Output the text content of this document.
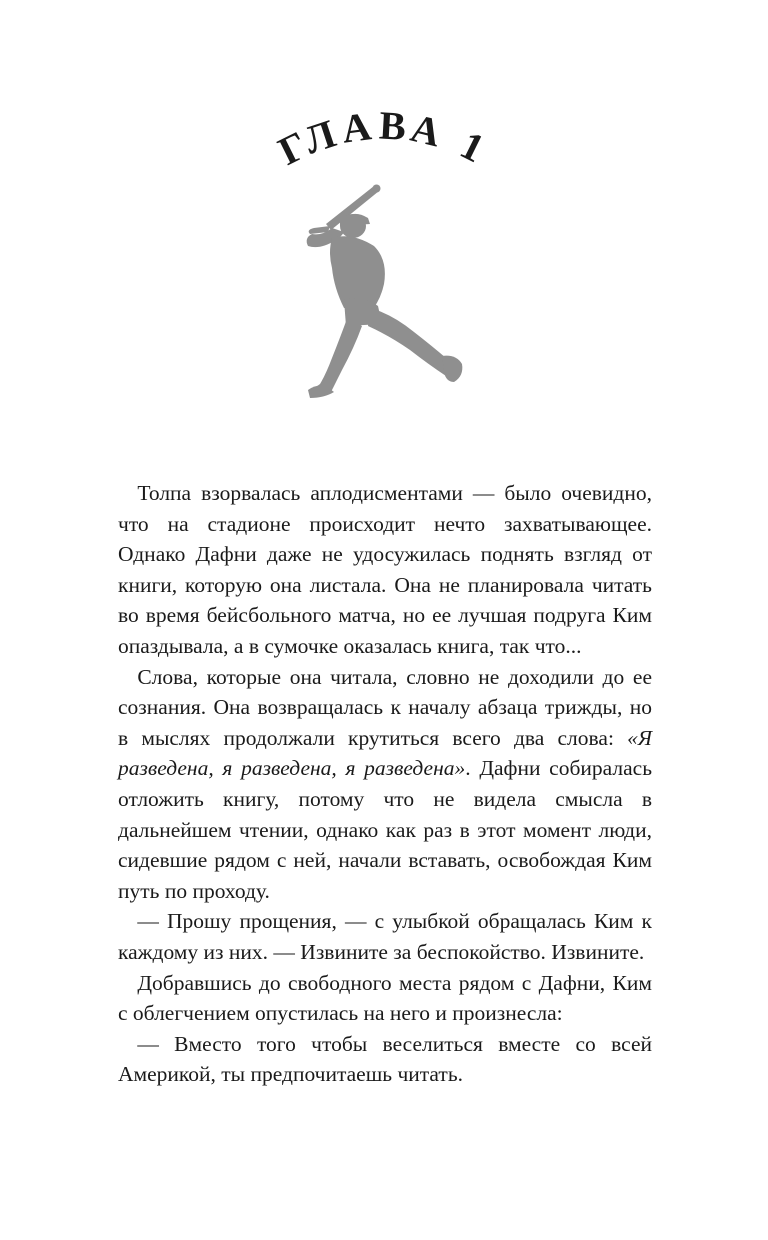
ГЛАВА 1

Толпа взорвалась аплодисментами — было очевидно, что на стадионе происходит нечто захватывающее. Однако Дафни даже не удосужилась поднять взгляд от книги, которую она листала. Она не планировала читать во время бейсбольного матча, но ее лучшая подруга Ким опаздывала, а в сумочке оказалась книга, так что...

Слова, которые она читала, словно не доходили до ее сознания. Она возвращалась к началу абзаца трижды, но в мыслях продолжали крутиться всего два слова: «Я разведена, я разведена, я разведена». Дафни собиралась отложить книгу, потому что не видела смысла в дальнейшем чтении, однако как раз в этот момент люди, сидевшие рядом с ней, начали вставать, освобождая Ким путь по проходу.

— Прошу прощения, — с улыбкой обращалась Ким к каждому из них. — Извините за беспокойство. Извините.

Добравшись до свободного места рядом с Дафни, Ким с облегчением опустилась на него и произнесла:

— Вместо того чтобы веселиться вместе со всей Америкой, ты предпочитаешь читать.
